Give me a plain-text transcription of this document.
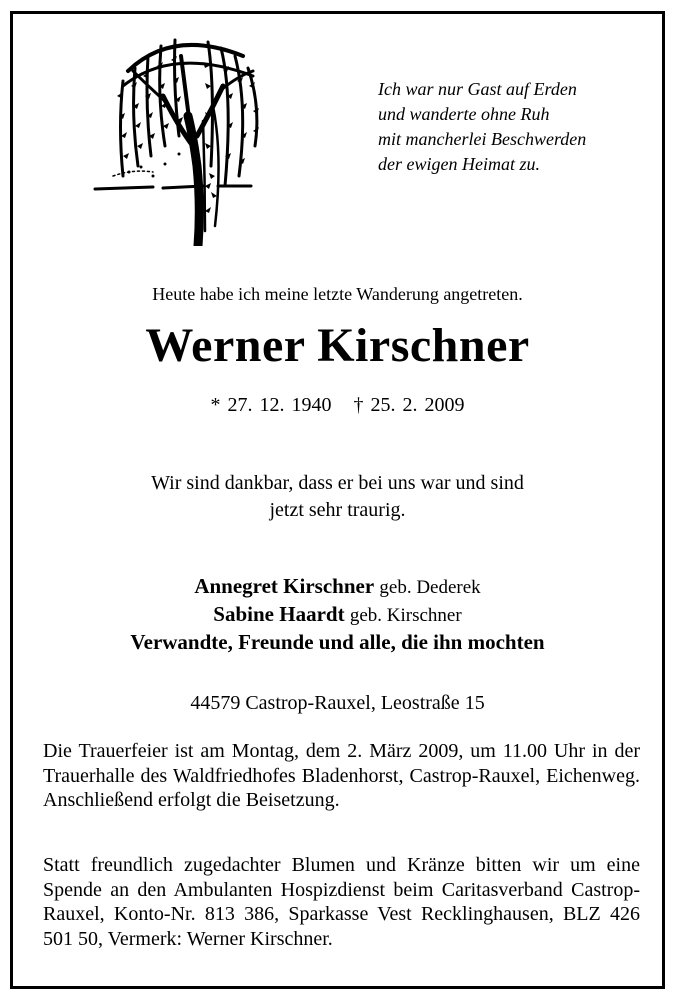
Ich war nur Gast auf Erden
und wanderte ohne Ruh
mit mancherlei Beschwerden
der ewigen Heimat zu.
Heute habe ich meine letzte Wanderung angetreten.
Werner Kirschner
* 27. 12. 1940 † 25. 2. 2009
Wir sind dankbar, dass er bei uns war und sind
jetzt sehr traurig.
Annegret Kirschner geb. Dederek
Sabine Haardt geb. Kirschner
Verwandte, Freunde und alle, die ihn mochten
44579 Castrop-Rauxel, Leostraße 15
Die Trauerfeier ist am Montag, dem 2. März 2009, um 11.00 Uhr in der Trauerhalle des Waldfriedhofes Bladenhorst, Castrop-Rauxel, Eichenweg. Anschließend erfolgt die Beisetzung.
Statt freundlich zugedachter Blumen und Kränze bitten wir um eine Spende an den Ambulanten Hospizdienst beim Caritasverband Castrop-Rauxel, Konto-Nr. 813 386, Sparkasse Vest Recklinghausen, BLZ 426 501 50, Vermerk: Werner Kirschner.
